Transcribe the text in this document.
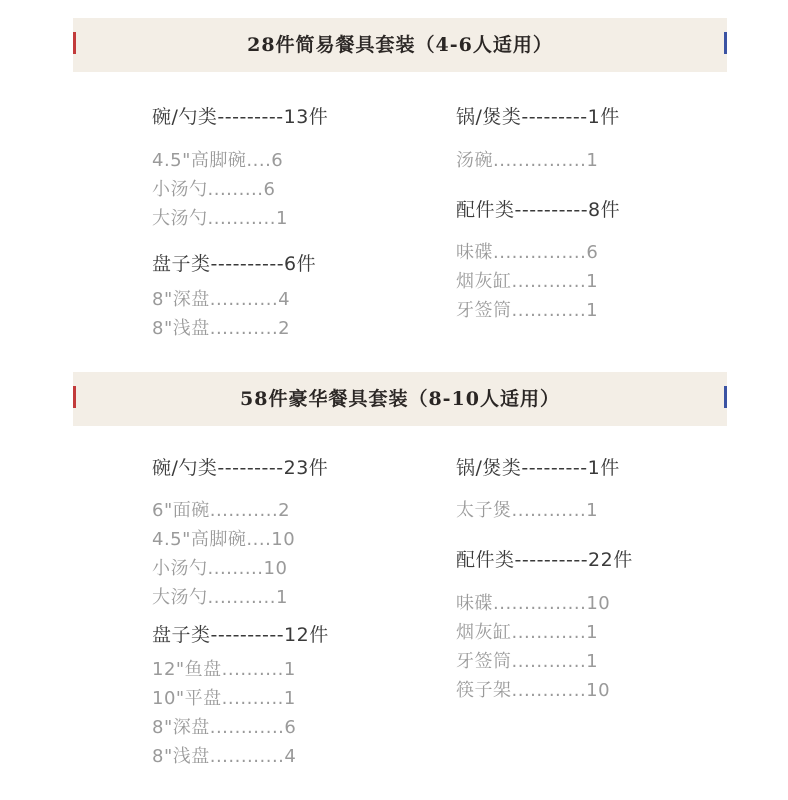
28件简易餐具套装（4-6人适用）
碗/勺类---------13件
4.5"高脚碗....6
小汤勺.........6
大汤勺...........1
盘子类----------6件
8"深盘...........4
8"浅盘...........2
锅/煲类---------1件
汤碗...............1
配件类----------8件
味碟...............6
烟灰缸............1
牙签筒............1
58件豪华餐具套装（8-10人适用）
碗/勺类---------23件
6"面碗...........2
4.5"高脚碗....10
小汤勺.........10
大汤勺...........1
盘子类----------12件
12"鱼盘..........1
10"平盘..........1
8"深盘............6
8"浅盘............4
锅/煲类---------1件
太子煲............1
配件类----------22件
味碟...............10
烟灰缸............1
牙签筒............1
筷子架............10
